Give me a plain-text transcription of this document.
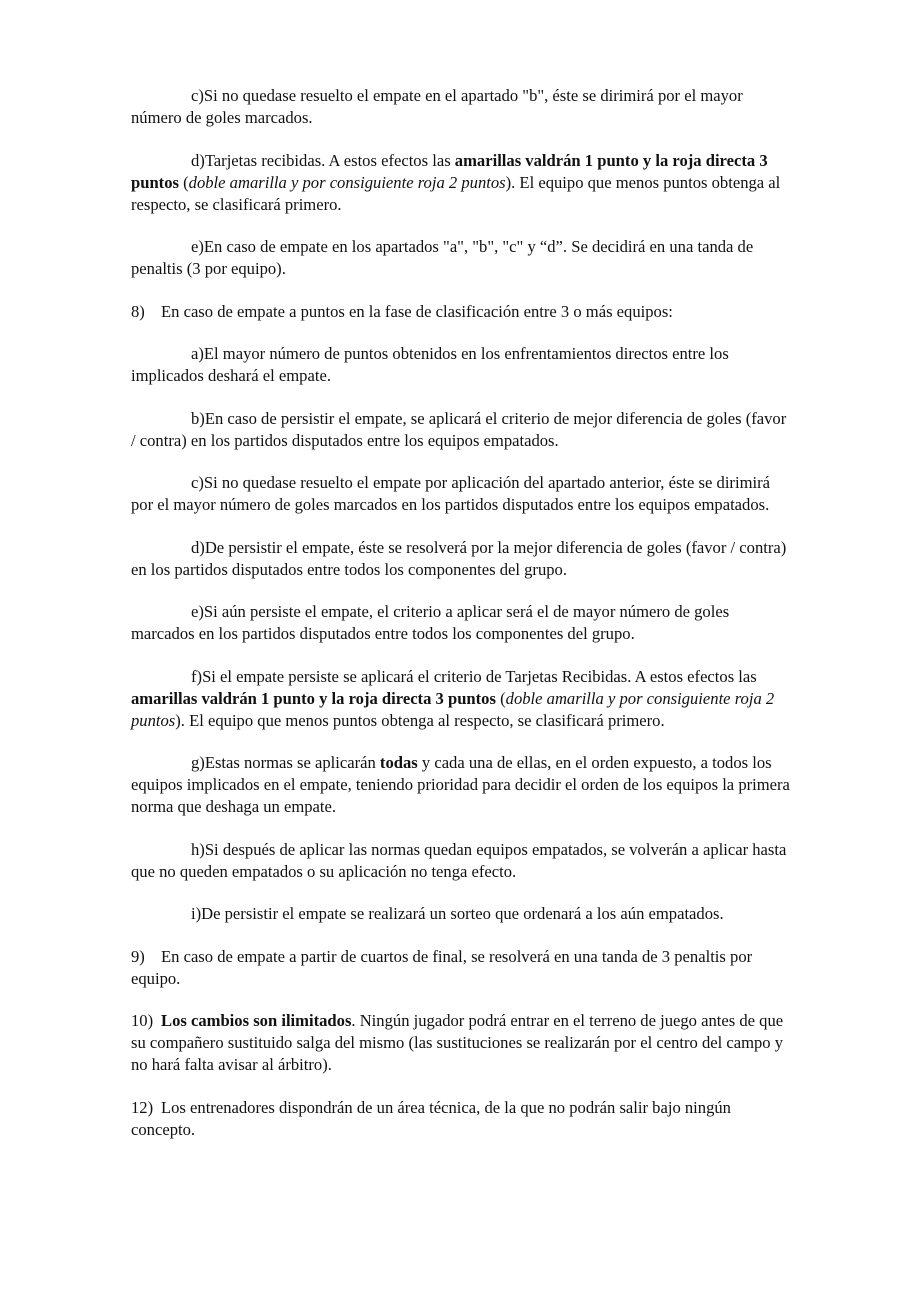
c)Si no quedase resuelto el empate en el apartado "b", éste se dirimirá por el mayor número de goles marcados.

d)Tarjetas recibidas. A estos efectos las amarillas valdrán 1 punto y la roja directa 3 puntos (doble amarilla y por consiguiente roja 2 puntos). El equipo que menos puntos obtenga al respecto, se clasificará primero.

e)En caso de empate en los apartados "a", "b", "c" y “d”. Se decidirá en una tanda de penaltis (3 por equipo).

8) En caso de empate a puntos en la fase de clasificación entre 3 o más equipos:

a)El mayor número de puntos obtenidos en los enfrentamientos directos entre los implicados deshará el empate.

b)En caso de persistir el empate, se aplicará el criterio de mejor diferencia de goles (favor / contra) en los partidos disputados entre los equipos empatados.

c)Si no quedase resuelto el empate por aplicación del apartado anterior, éste se dirimirá por el mayor número de goles marcados en los partidos disputados entre los equipos empatados.

d)De persistir el empate, éste se resolverá por la mejor diferencia de goles (favor / contra) en los partidos disputados entre todos los componentes del grupo.

e)Si aún persiste el empate, el criterio a aplicar será el de mayor número de goles marcados en los partidos disputados entre todos los componentes del grupo.

f)Si el empate persiste se aplicará el criterio de Tarjetas Recibidas. A estos efectos las amarillas valdrán 1 punto y la roja directa 3 puntos (doble amarilla y por consiguiente roja 2 puntos). El equipo que menos puntos obtenga al respecto, se clasificará primero.

g)Estas normas se aplicarán todas y cada una de ellas, en el orden expuesto, a todos los equipos implicados en el empate, teniendo prioridad para decidir el orden de los equipos la primera norma que deshaga un empate.

h)Si después de aplicar las normas quedan equipos empatados, se volverán a aplicar hasta que no queden empatados o su aplicación no tenga efecto.

i)De persistir el empate se realizará un sorteo que ordenará a los aún empatados.

9) En caso de empate a partir de cuartos de final, se resolverá en una tanda de 3 penaltis por equipo.

10) Los cambios son ilimitados. Ningún jugador podrá entrar en el terreno de juego antes de que su compañero sustituido salga del mismo (las sustituciones se realizarán por el centro del campo y no hará falta avisar al árbitro).

12) Los entrenadores dispondrán de un área técnica, de la que no podrán salir bajo ningún concepto.
